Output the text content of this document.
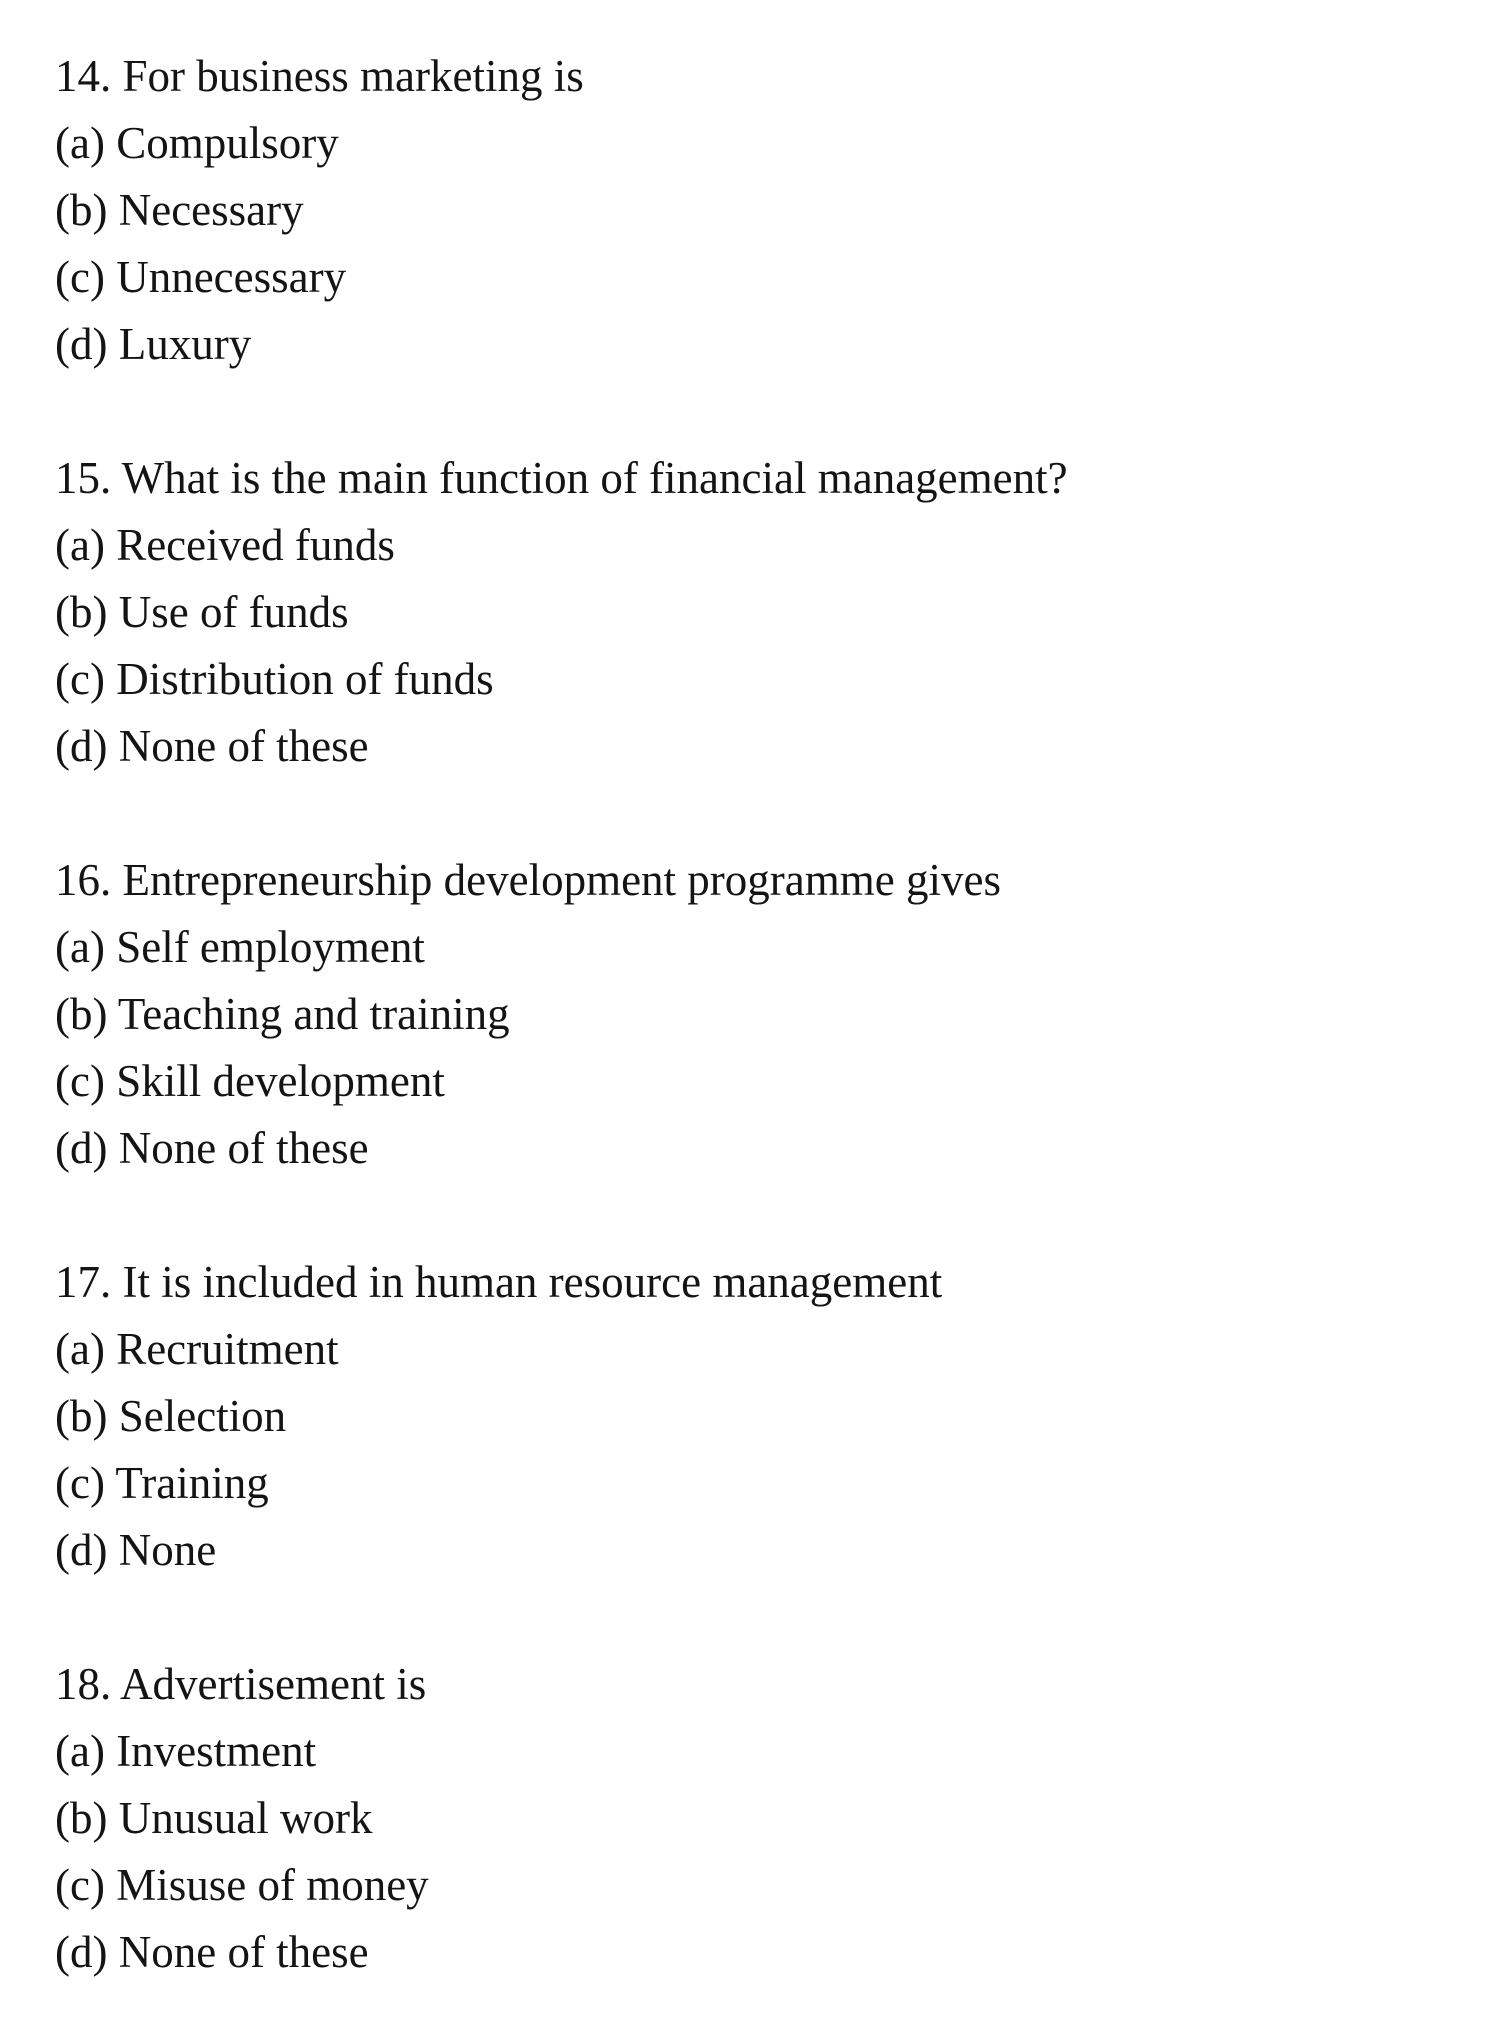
14. For business marketing is
(a) Compulsory
(b) Necessary
(c) Unnecessary
(d) Luxury
15. What is the main function of financial management?
(a) Received funds
(b) Use of funds
(c) Distribution of funds
(d) None of these
16. Entrepreneurship development programme gives
(a) Self employment
(b) Teaching and training
(c) Skill development
(d) None of these
17. It is included in human resource management
(a) Recruitment
(b) Selection
(c) Training
(d) None
18. Advertisement is
(a) Investment
(b) Unusual work
(c) Misuse of money
(d) None of these
